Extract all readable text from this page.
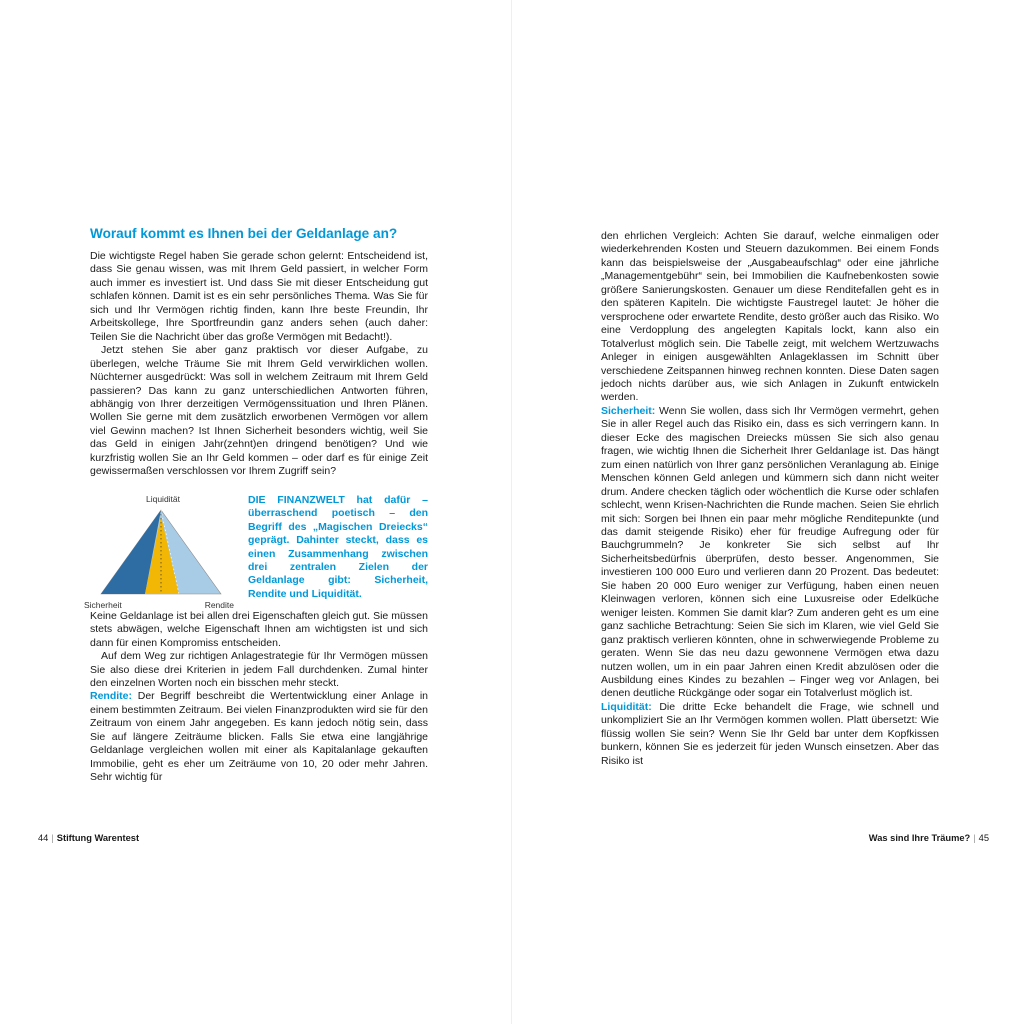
Worauf kommt es Ihnen bei der Geldanlage an?

Die wichtigste Regel haben Sie gerade schon gelernt: Entscheidend ist, dass Sie genau wissen, was mit Ihrem Geld passiert, in welcher Form auch immer es investiert ist. Und dass Sie mit dieser Entscheidung gut schlafen können. Damit ist es ein sehr persönliches Thema. Was Sie für sich und Ihr Vermögen richtig finden, kann Ihre beste Freundin, Ihr Arbeitskollege, Ihre Sportfreundin ganz anders sehen (auch daher: Teilen Sie die Nachricht über das große Vermögen mit Bedacht!).

Jetzt stehen Sie aber ganz praktisch vor dieser Aufgabe, zu überlegen, welche Träume Sie mit Ihrem Geld verwirklichen wollen. Nüchterner ausgedrückt: Was soll in welchem Zeitraum mit Ihrem Geld passieren? Das kann zu ganz unterschiedlichen Antworten führen, abhängig von Ihrer derzeitigen Vermögenssituation und Ihren Plänen. Wollen Sie gerne mit dem zusätzlich erworbenen Vermögen vor allem viel Gewinn machen? Ist Ihnen Sicherheit besonders wichtig, weil Sie das Geld in einigen Jahr(zehnt)en dringend benötigen? Und wie kurzfristig wollen Sie an Ihr Geld kommen – oder darf es für einige Zeit gewissermaßen verschlossen vor Ihrem Zugriff sein?

Liquidität
Sicherheit	Rendite
DIE FINANZWELT hat dafür – überraschend poetisch – den Begriff des „Magischen Dreiecks“ geprägt. Dahinter steckt, dass es einen Zusammenhang zwischen drei zentralen Zielen der Geldanlage gibt: Sicherheit, Rendite und Liquidität.

Keine Geldanlage ist bei allen drei Eigenschaften gleich gut. Sie müssen stets abwägen, welche Eigenschaft Ihnen am wichtigsten ist und sich dann für einen Kompromiss entscheiden.

Auf dem Weg zur richtigen Anlagestrategie für Ihr Vermögen müssen Sie also diese drei Kriterien in jedem Fall durchdenken. Zumal hinter den einzelnen Worten noch ein bisschen mehr steckt.

Rendite: Der Begriff beschreibt die Wertentwicklung einer Anlage in einem bestimmten Zeitraum. Bei vielen Finanzprodukten wird sie für den Zeitraum von einem Jahr angegeben. Es kann jedoch nötig sein, dass Sie auf längere Zeiträume blicken. Falls Sie etwa eine langjährige Geldanlage vergleichen wollen mit einer als Kapitalanlage gekauften Immobilie, geht es eher um Zeiträume von 10, 20 oder mehr Jahren. Sehr wichtig für

den ehrlichen Vergleich: Achten Sie darauf, welche einmaligen oder wiederkehrenden Kosten und Steuern dazukommen. Bei einem Fonds kann das beispielsweise der „Ausgabeaufschlag“ oder eine jährliche „Managementgebühr“ sein, bei Immobilien die Kaufnebenkosten sowie größere Sanierungskosten. Genauer um diese Renditefallen geht es in den späteren Kapiteln. Die wichtigste Faustregel lautet: Je höher die versprochene oder erwartete Rendite, desto größer auch das Risiko. Wo eine Verdopplung des angelegten Kapitals lockt, kann also ein Totalverlust möglich sein. Die Tabelle zeigt, mit welchem Wertzuwachs Anleger in einigen ausgewählten Anlageklassen im Schnitt über verschiedene Zeitspannen hinweg rechnen konnten. Diese Daten sagen jedoch nichts darüber aus, wie sich Anlagen in Zukunft entwickeln werden.

Sicherheit: Wenn Sie wollen, dass sich Ihr Vermögen vermehrt, gehen Sie in aller Regel auch das Risiko ein, dass es sich verringern kann. In dieser Ecke des magischen Dreiecks müssen Sie sich also genau fragen, wie wichtig Ihnen die Sicherheit Ihrer Geldanlage ist. Das hängt zum einen natürlich von Ihrer ganz persönlichen Veranlagung ab. Einige Menschen können Geld anlegen und kümmern sich dann nicht weiter drum. Andere checken täglich oder wöchentlich die Kurse oder schlafen schlecht, wenn Krisen-Nachrichten die Runde machen. Seien Sie ehrlich mit sich: Sorgen bei Ihnen ein paar mehr mögliche Renditepunkte (und das damit steigende Risiko) eher für freudige Aufregung oder für Bauchgrummeln? Je konkreter Sie sich selbst auf Ihr Sicherheitsbedürfnis überprüfen, desto besser. Angenommen, Sie investieren 100 000 Euro und verlieren dann 20 Prozent. Das bedeutet: Sie haben 20 000 Euro weniger zur Verfügung, haben einen neuen Kleinwagen verloren, können sich eine Luxusreise oder Edelküche weniger leisten. Kommen Sie damit klar? Zum anderen geht es um eine ganz sachliche Betrachtung: Seien Sie sich im Klaren, wie viel Geld Sie ganz praktisch verlieren könnten, ohne in schwerwiegende Probleme zu geraten. Wenn Sie das neu dazu gewonnene Vermögen etwa dazu nutzen wollen, um in ein paar Jahren einen Kredit abzulösen oder die Ausbildung eines Kindes zu bezahlen – Finger weg vor Anlagen, bei denen deutliche Rückgänge oder sogar ein Totalverlust möglich ist.

Liquidität: Die dritte Ecke behandelt die Frage, wie schnell und unkompliziert Sie an Ihr Vermögen kommen wollen. Platt übersetzt: Wie flüssig wollen Sie sein? Wenn Sie Ihr Geld bar unter dem Kopfkissen bunkern, können Sie es jederzeit für jeden Wunsch einsetzen. Aber das Risiko ist

44 | Stiftung Warentest	Was sind Ihre Träume? | 45
